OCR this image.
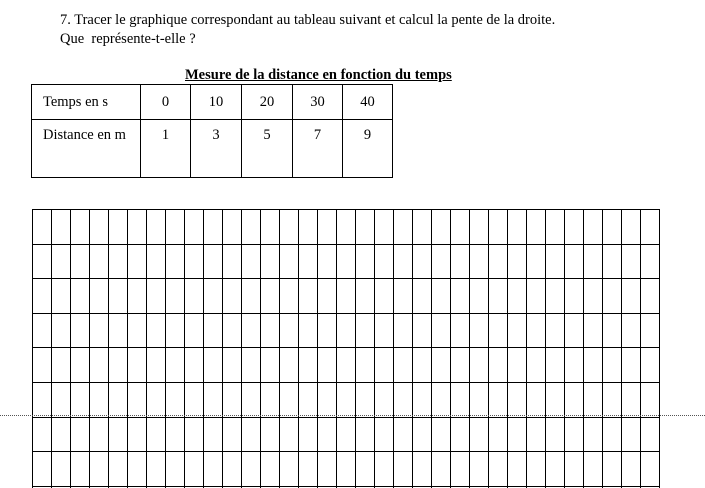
7. Tracer le graphique correspondant au tableau suivant et calcul la pente de la droite.
Que  représente-t-elle ?
Mesure de la distance en fonction du temps
Temps en s	0	10	20	30	40
Distance en m	1	3	5	7	9
